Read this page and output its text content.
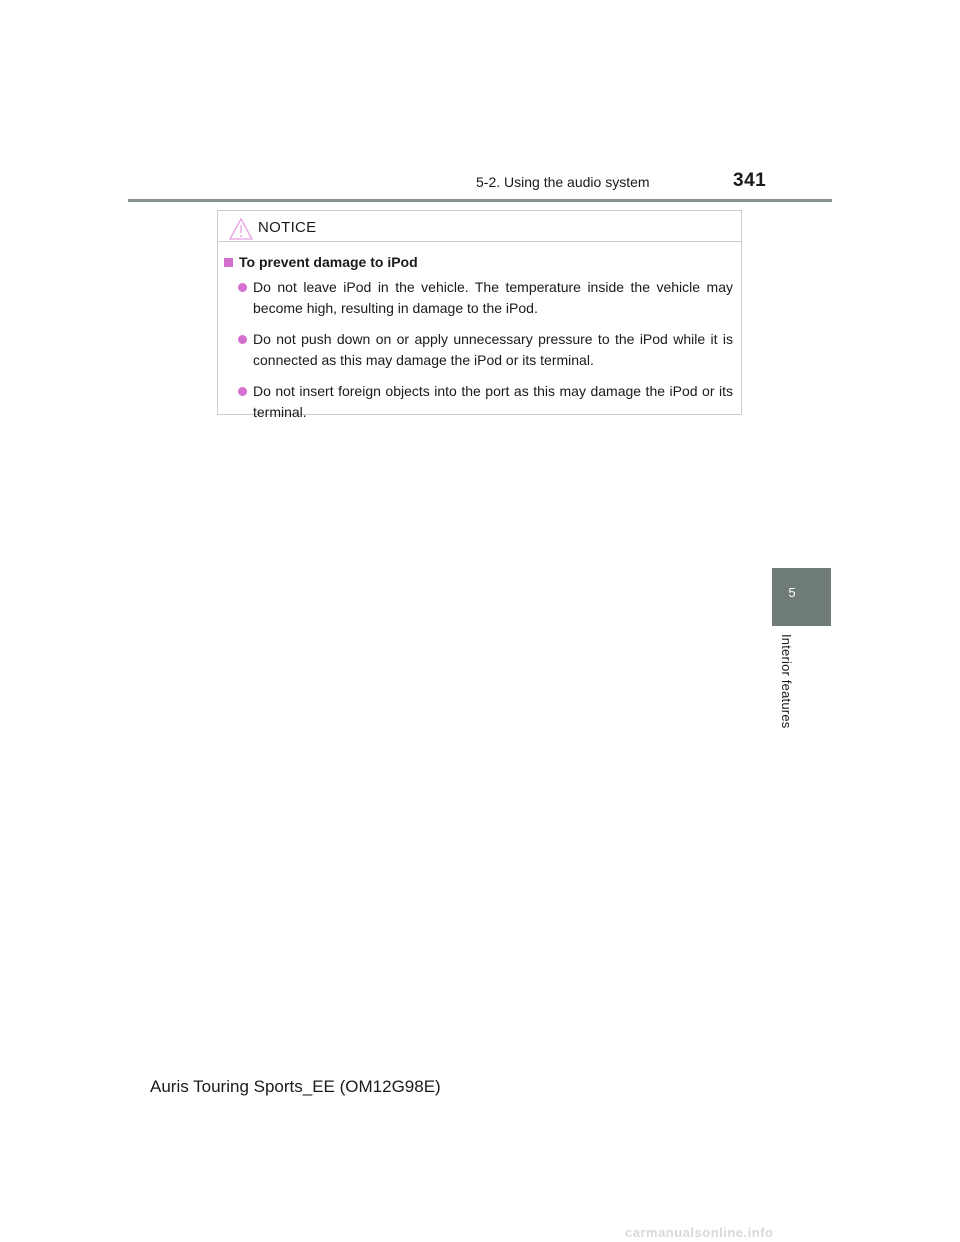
5-2. Using the audio system	341
NOTICE
To prevent damage to iPod
Do not leave iPod in the vehicle. The temperature inside the vehicle may become high, resulting in damage to the iPod.
Do not push down on or apply unnecessary pressure to the iPod while it is connected as this may damage the iPod or its terminal.
Do not insert foreign objects into the port as this may damage the iPod or its terminal.
5
Interior features
Auris Touring Sports_EE (OM12G98E)
carmanualsonline.info
